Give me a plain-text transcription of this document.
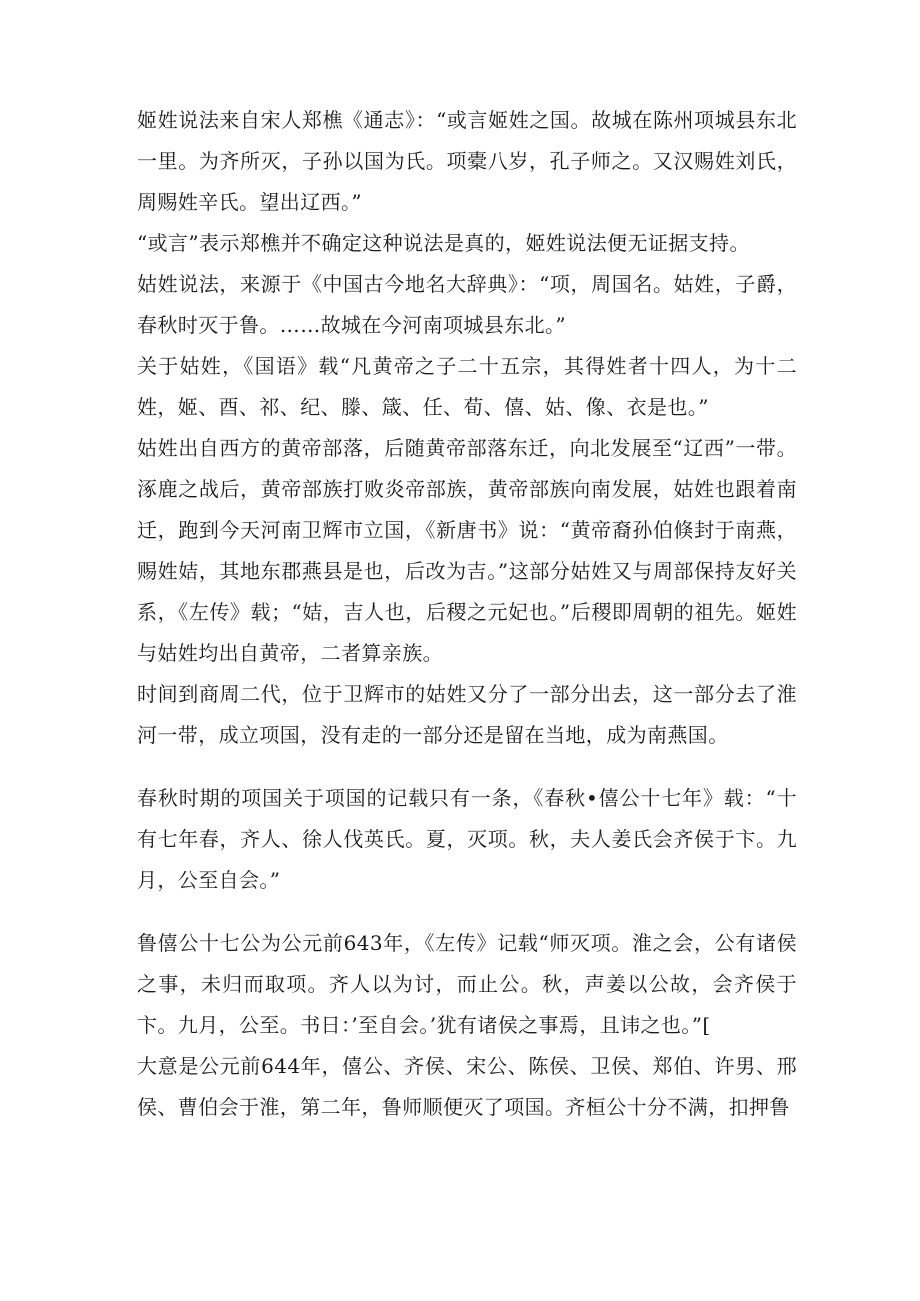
姬姓说法来自宋人郑樵《通志》：“或言姬姓之国。故城在陈州项城县东北一里。为齐所灭，子孙以国为氏。项橐八岁，孔子师之。又汉赐姓刘氏，周赐姓辛氏。望出辽西。”

“或言”表示郑樵并不确定这种说法是真的，姬姓说法便无证据支持。

姑姓说法，来源于《中国古今地名大辞典》：“项，周国名。姑姓，子爵，春秋时灭于鲁。……故城在今河南项城县东北。”

关于姑姓，《国语》载“凡黄帝之子二十五宗，其得姓者十四人，为十二姓，姬、酉、祁、纪、滕、箴、任、荀、僖、姑、像、衣是也。”

姑姓出自西方的黄帝部落，后随黄帝部落东迁，向北发展至“辽西”一带。涿鹿之战后，黄帝部族打败炎帝部族，黄帝部族向南发展，姑姓也跟着南迁，跑到今天河南卫辉市立国，《新唐书》说：“黄帝裔孙伯倏封于南燕，赐姓姞，其地东郡燕县是也，后改为吉。”这部分姑姓又与周部保持友好关系，《左传》载；“姞，吉人也，后稷之元妃也。”后稷即周朝的祖先。姬姓与姑姓均出自黄帝，二者算亲族。

时间到商周二代，位于卫辉市的姑姓又分了一部分出去，这一部分去了淮河一带，成立项国，没有走的一部分还是留在当地，成为南燕国。

春秋时期的项国关于项国的记载只有一条，《春秋•僖公十七年》载：“十有七年春，齐人、徐人伐英氏。夏，灭项。秋，夫人姜氏会齐侯于卞。九月，公至自会。”

鲁僖公十七公为公元前643年，《左传》记载“师灭项。淮之会，公有诸侯之事，未归而取项。齐人以为讨，而止公。秋，声姜以公故，会齐侯于卞。九月，公至。书日：’至自会。’犹有诸侯之事焉，且讳之也。”[

大意是公元前644年，僖公、齐侯、宋公、陈侯、卫侯、郑伯、许男、邢侯、曹伯会于淮，第二年，鲁师顺便灭了项国。齐桓公十分不满，扣押鲁
